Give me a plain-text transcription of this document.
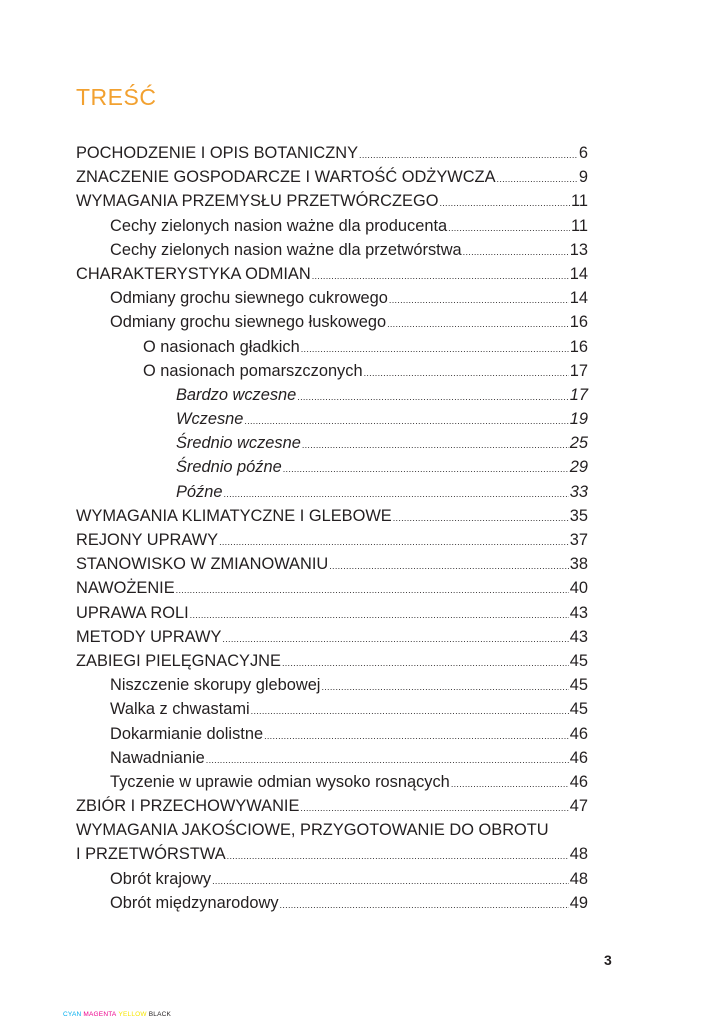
TREŚĆ
POCHODZENIE I OPIS BOTANICZNY .....	6
ZNACZENIE GOSPODARCZE I WARTOŚĆ ODŻYWCZA .....	9
WYMAGANIA PRZEMYSŁU PRZETWÓRCZEGO .....	11
Cechy zielonych nasion ważne dla producenta .....	11
Cechy zielonych nasion ważne dla przetwórstwa .....	13
CHARAKTERYSTYKA ODMIAN .....	14
Odmiany grochu siewnego cukrowego .....	14
Odmiany grochu siewnego łuskowego .....	16
O nasionach gładkich .....	16
O nasionach pomarszczonych .....	17
Bardzo wczesne .....	17
Wczesne .....	19
Średnio wczesne .....	25
Średnio późne .....	29
Późne .....	33
WYMAGANIA KLIMATYCZNE I GLEBOWE .....	35
REJONY UPRAWY .....	37
STANOWISKO W ZMIANOWANIU .....	38
NAWOŻENIE .....	40
UPRAWA ROLI .....	43
METODY UPRAWY .....	43
ZABIEGI PIELĘGNACYJNE .....	45
Niszczenie skorupy glebowej .....	45
Walka z chwastami .....	45
Dokarmianie dolistne .....	46
Nawadnianie .....	46
Tyczenie w uprawie odmian wysoko rosnących .....	46
ZBIÓR I PRZECHOWYWANIE .....	47
WYMAGANIA JAKOŚCIOWE, PRZYGOTOWANIE DO OBROTU
I PRZETWÓRSTWA .....	48
Obrót krajowy .....	48
Obrót międzynarodowy .....	49
3
CYAN MAGENTA YELLOW BLACK
